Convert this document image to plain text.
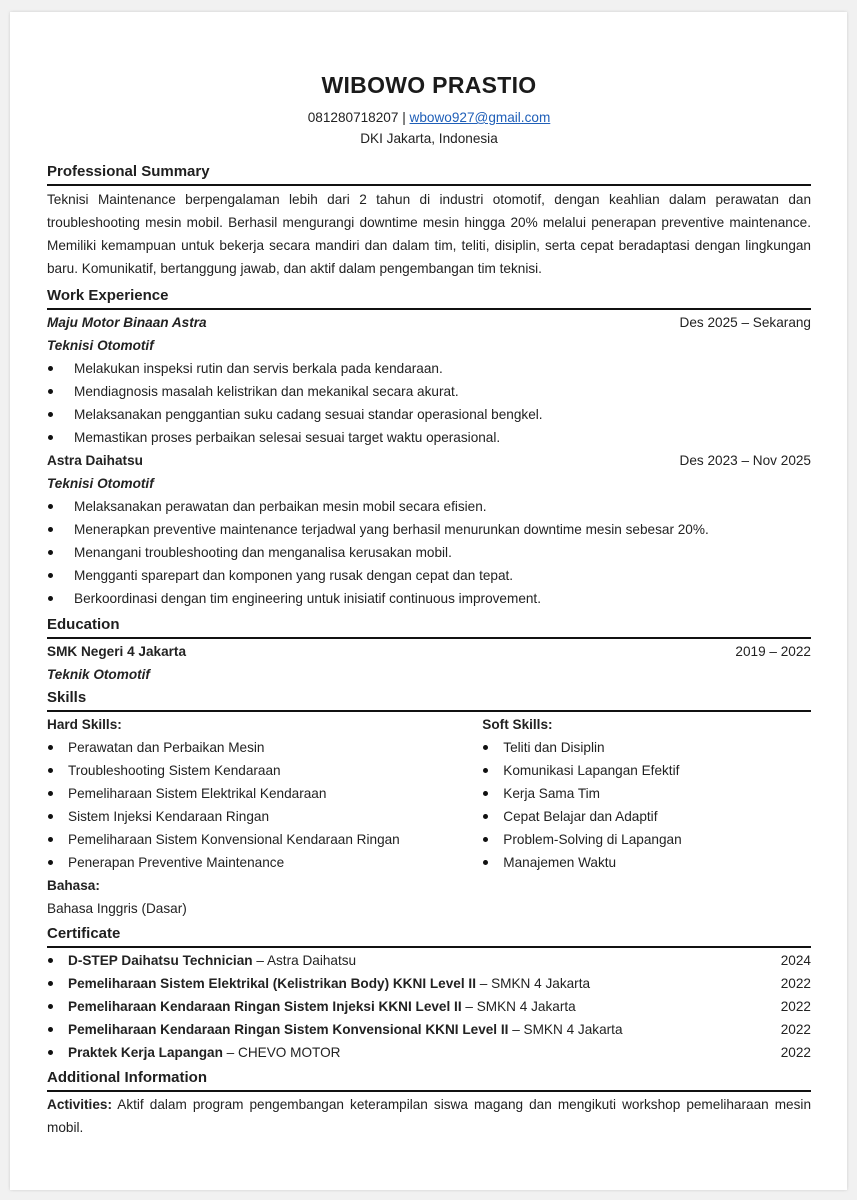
WIBOWO PRASTIO
081280718207 | wbowo927@gmail.com
DKI Jakarta, Indonesia
Professional Summary
Teknisi Maintenance berpengalaman lebih dari 2 tahun di industri otomotif, dengan keahlian dalam perawatan dan troubleshooting mesin mobil. Berhasil mengurangi downtime mesin hingga 20% melalui penerapan preventive maintenance. Memiliki kemampuan untuk bekerja secara mandiri dan dalam tim, teliti, disiplin, serta cepat beradaptasi dengan lingkungan baru. Komunikatif, bertanggung jawab, dan aktif dalam pengembangan tim teknisi.
Work Experience
Maju Motor Binaan Astra	Des 2025 – Sekarang
Teknisi Otomotif
Melakukan inspeksi rutin dan servis berkala pada kendaraan.
Mendiagnosis masalah kelistrikan dan mekanikal secara akurat.
Melaksanakan penggantian suku cadang sesuai standar operasional bengkel.
Memastikan proses perbaikan selesai sesuai target waktu operasional.
Astra Daihatsu	Des 2023 – Nov 2025
Teknisi Otomotif
Melaksanakan perawatan dan perbaikan mesin mobil secara efisien.
Menerapkan preventive maintenance terjadwal yang berhasil menurunkan downtime mesin sebesar 20%.
Menangani troubleshooting dan menganalisa kerusakan mobil.
Mengganti sparepart dan komponen yang rusak dengan cepat dan tepat.
Berkoordinasi dengan tim engineering untuk inisiatif continuous improvement.
Education
SMK Negeri 4 Jakarta	2019 – 2022
Teknik Otomotif
Skills
Hard Skills:
Perawatan dan Perbaikan Mesin
Troubleshooting Sistem Kendaraan
Pemeliharaan Sistem Elektrikal Kendaraan
Sistem Injeksi Kendaraan Ringan
Pemeliharaan Sistem Konvensional Kendaraan Ringan
Penerapan Preventive Maintenance
Soft Skills:
Teliti dan Disiplin
Komunikasi Lapangan Efektif
Kerja Sama Tim
Cepat Belajar dan Adaptif
Problem-Solving di Lapangan
Manajemen Waktu
Bahasa:
Bahasa Inggris (Dasar)
Certificate
D-STEP Daihatsu Technician – Astra Daihatsu	2024
Pemeliharaan Sistem Elektrikal (Kelistrikan Body) KKNI Level II – SMKN 4 Jakarta	2022
Pemeliharaan Kendaraan Ringan Sistem Injeksi KKNI Level II – SMKN 4 Jakarta	2022
Pemeliharaan Kendaraan Ringan Sistem Konvensional KKNI Level II – SMKN 4 Jakarta	2022
Praktek Kerja Lapangan – CHEVO MOTOR	2022
Additional Information
Activities: Aktif dalam program pengembangan keterampilan siswa magang dan mengikuti workshop pemeliharaan mesin mobil.
